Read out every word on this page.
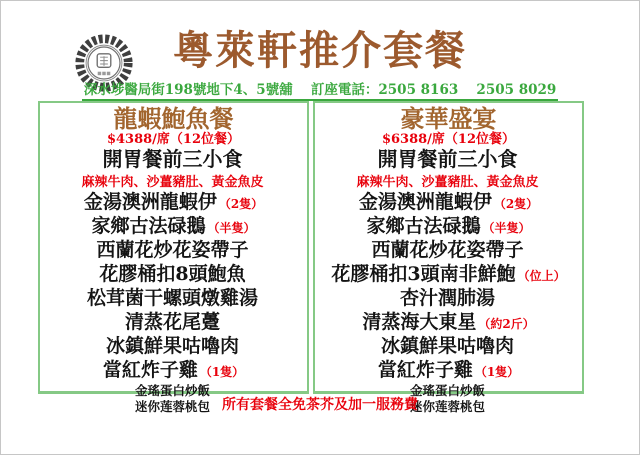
粵萊軒推介套餐
深水埗醫局街198號地下4、5號舖　 訂座電話：2505 8163　 2505 8029
龍蝦鮑魚餐
$4388/席（12位餐）
開胃餐前三小食
麻辣牛肉、沙薑豬肚、黃金魚皮
金湯澳洲龍蝦伊 （2隻）
家鄉古法碌鵝 （半隻）
西蘭花炒花姿帶子
花膠桶扣8頭鮑魚
松茸菌干螺頭燉雞湯
清蒸花尾躉
冰鎮鮮果咕嚕肉
當紅炸子雞 （1隻）
金瑤蛋白炒飯
迷你莲蓉桃包
豪華盛宴
$6388/席（12位餐）
開胃餐前三小食
麻辣牛肉、沙薑豬肚、黃金魚皮
金湯澳洲龍蝦伊 （2隻）
家鄉古法碌鵝 （半隻）
西蘭花炒花姿帶子
花膠桶扣3頭南非鮮鮑 （位上）
杏汁潤肺湯
清蒸海大東星 （約2斤）
冰鎮鮮果咕嚕肉
當紅炸子雞 （1隻）
金瑤蛋白炒飯
迷你莲蓉桃包
所有套餐全免茶芥及加一服務費
